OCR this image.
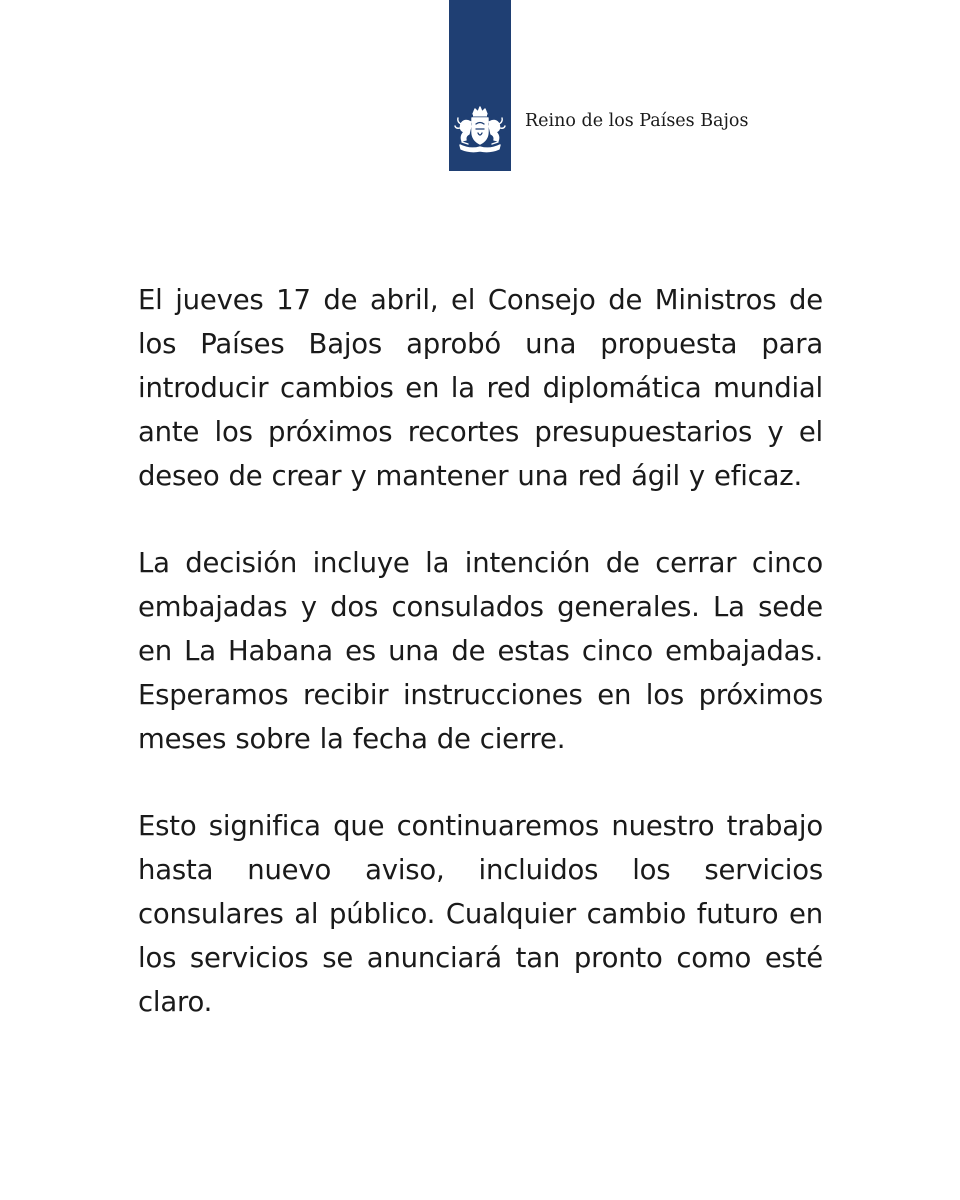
Reino de los Países Bajos

El jueves 17 de abril, el Consejo de Ministros de los Países Bajos aprobó una propuesta para introducir cambios en la red diplomática mundial ante los próximos recortes presupuestarios y el deseo de crear y mantener una red ágil y eficaz.

La decisión incluye la intención de cerrar cinco embajadas y dos consulados generales. La sede en La Habana es una de estas cinco embajadas. Esperamos recibir instrucciones en los próximos meses sobre la fecha de cierre.

Esto significa que continuaremos nuestro trabajo hasta nuevo aviso, incluidos los servicios consulares al público. Cualquier cambio futuro en los servicios se anunciará tan pronto como esté claro.
